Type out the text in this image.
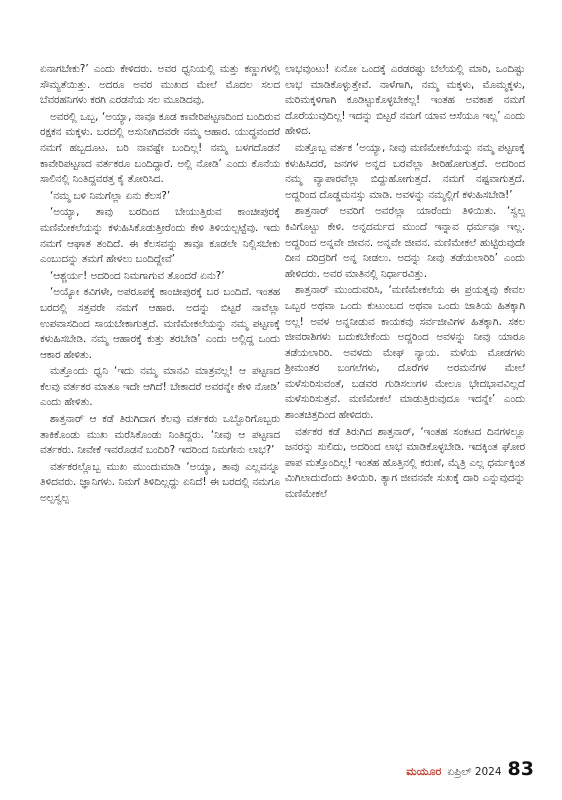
ಏನಾಗಬೇಕು?’ ಎಂದು ಕೇಳಿದರು. ಅವರ ಧ್ವನಿಯಲ್ಲಿ ಮತ್ತು ಕಣ್ಣುಗಳಲ್ಲಿ ಸೌಮ್ಯತೆಯಿತ್ತು. ಅದರೂ ಅವರ ಮುಖದ ಮೇಲೆ ಮೊದಲ ಸಲದ ಬೆವರಹನಿಗಳು ಕರಗಿ ಎರಡನೆಯ ಸಲ ಮೂಡಿದವು.

ಅವರಲ್ಲಿ ಒಬ್ಬ, ‘ಅಯ್ಯಾ, ನಾವೂ ಕೂಡ ಕಾವೇರಿಪಟ್ಟಣದಿಂದ ಬಂದಿರುವ ರಕ್ಷಕನ ಮಕ್ಕಳು. ಬರದಲ್ಲಿ ಅಸುನೀಗಿದವರೇ ನಮ್ಮ ಆಹಾರ. ಯುದ್ಧವಂದರೆ ನಮಗೆ ಹಬ್ಬದೂಟ. ಬರಿ ನಾವಷ್ಟೇ ಬಂದಿಲ್ಲ! ನಮ್ಮ ಬಳಗದೊಡನೆ ಕಾವೇರಿಪಟ್ಟಣದ ವರ್ತಕರೂ ಬಂದಿದ್ದಾರೆ. ಅಲ್ಲಿ ನೋಡಿ’ ಎಂದು ಕೊನೆಯ ಸಾಲಿನಲ್ಲಿ ನಿಂತಿದ್ದವರತ್ತ ಕೈ ತೋರಿಸಿದ.

‘ನಮ್ಮ ಬಳಿ ನಿಮಗೆಲ್ಲಾ ಏನು ಕೆಲಸ?’

‘ಅಯ್ಯಾ, ತಾವು ಬರದಿಂದ ಬೇಯುತ್ತಿರುವ ಕಾಂಚೀಪುರಕ್ಕೆ ಮಣಿಮೇಕಲೆಯನ್ನು ಕಳುಹಿಸಿಕೊಡುತ್ತೀರೆಂದು ಕೇಳಿ ತಿಳಿಯಲ್ಪಟ್ಟೆವು. ಇದು ನಮಗೆ ಆಘಾತ ತಂದಿದೆ. ಈ ಕೆಲಸವನ್ನು ತಾವೂ ಕೂಡಲೇ ನಿಲ್ಲಿಸಬೇಕು ಎಂಬುದನ್ನು ತಮಗೆ ಹೇಳಲು ಬಂದಿದ್ದೇವೆ’

‘ಆಶ್ಚರ್ಯ! ಅದರಿಂದ ನಿಮಗಾಗುವ ತೊಂದರೆ ಏನು?’

‘ಅಯ್ಯೋ ಕವಿಗಳೇ, ಅಪರೂಪಕ್ಕೆ ಕಾಂಚೀಪುರಕ್ಕೆ ಬರ ಬಂದಿದೆ. ಇಂತಹ ಬರದಲ್ಲಿ ಸತ್ತವರೇ ನಮಗೆ ಆಹಾರ. ಅದನ್ನು ಬಿಟ್ಟರೆ ನಾವೆಲ್ಲಾ ಉಪವಾಸದಿಂದ ಸಾಯಬೇಕಾಗುತ್ತದೆ. ಮಣಿಮೇಕಲೆಯನ್ನು ನಮ್ಮ ಪಟ್ಟಣಕ್ಕೆ ಕಳುಹಿಸಬೇಡಿ. ನಮ್ಮ ಆಹಾರಕ್ಕೆ ಕುತ್ತು ತರಬೇಡಿ’ ಎಂದು ಅಲ್ಲಿದ್ದ ಒಂದು ಆಕಾರ ಹೇಳಿತು.

ಮತ್ತೊಂದು ಧ್ವನಿ ‘ಇದು ನಮ್ಮ ಮಾನವಿ ಮಾತ್ರವಲ್ಲ! ಆ ಪಟ್ಟಣದ ಕೆಲವು ವರ್ತಕರ ಮಾತೂ ಇದೇ ಆಗಿದೆ! ಬೇಕಾದರೆ ಅವರನ್ನೇ ಕೇಳಿ ನೋಡಿ’ ಎಂದು ಹೇಳಿತು.

ಶಾತ್ತನಾರ್ ಆ ಕಡೆ ತಿರುಗಿದಾಗ ಕೆಲವು ವರ್ತಕರು ಒಬ್ಬೊರಿಗೊಬ್ಬರು ತಾಕಿಕೊಂಡು ಮುಖ ಮರೆಸಿಕೊಂಡು ನಿಂತಿದ್ದರು. ‘ನೀವು ಆ ಪಟ್ಟಣದ ವರ್ತಕರು. ನೀವೇಕೆ ಇವರೊಡನೆ ಬಂದಿರಿ? ಇದರಿಂದ ನಿಮಗೇನು ಲಾಭ?’

ವರ್ತಕರಲ್ಲೊಬ್ಬ ಮುಖ ಮುಂದುಮಾಡಿ ‘ಅಯ್ಯಾ, ತಾವು ಎಲ್ಲವನ್ನೂ ತಿಳಿದವರು. ಜ್ಞಾನಿಗಳು. ನಿಮಗೆ ತಿಳಿದಿಲ್ಲದ್ದು ಏನಿದೆ! ಈ ಬರದಲ್ಲಿ ನಮಗೂ ಅಲ್ಪಸ್ವಲ್ಪ

ಲಾಭವುಂಟು! ಏನೋ ಒಂದಕ್ಕೆ ಎರಡರಷ್ಟು ಬೆಲೆಯಲ್ಲಿ ಮಾರಿ, ಒಂದಿಷ್ಟು ಲಾಭ ಮಾಡಿಕೊಳ್ಳುತ್ತೇವೆ. ನಾಳೆಗಾಗಿ, ನಮ್ಮ ಮಕ್ಕಳು, ಮೊಮ್ಮಕ್ಕಳು, ಮರಿಮಕ್ಕಳಿಗಾಗಿ ಕೂಡಿಟ್ಟುಕೊಳ್ಳಬೇಕಲ್ಲ! ಇಂತಹ ಅವಕಾಶ ನಮಗೆ ದೊರೆಯುವುದಿಲ್ಲ! ಇದನ್ನು ಬಿಟ್ಟರೆ ನಮಗೆ ಯಾವ ಆಸೆಯೂ ಇಲ್ಲ’ ಎಂದು ಹೇಳಿದ.

ಮತ್ತೊಬ್ಬ ವರ್ತಕ ‘ಅಯ್ಯಾ, ನೀವು ಮಣಿಮೇಕಲೆಯನ್ನು ನಮ್ಮ ಪಟ್ಟಣಕ್ಕೆ ಕಳುಹಿಸಿದರೆ, ಜನಗಳ ಅನ್ನದ ಬರವೆಲ್ಲಾ ತೀರಿಹೋಗುತ್ತದೆ. ಅದರಿಂದ ನಮ್ಮ ವ್ಯಾಪಾರವೆಲ್ಲಾ ಬಿದ್ದುಹೋಗುತ್ತದೆ. ನಮಗೆ ನಷ್ಟವಾಗುತ್ತದೆ. ಅದ್ದರಿಂದ ದೊಡ್ಡಮನಸ್ಸು ಮಾಡಿ. ಅವಳನ್ನು ನಮ್ಮಲ್ಲಿಗೆ ಕಳುಹಿಸಬೇಡಿ!’

ಶಾತ್ತನಾರ್ ಅವರಿಗೆ ಅವರೆಲ್ಲಾ ಯಾರೆಂದು ತಿಳಿಯಿತು. ‘ಸ್ವಲ್ಪ ಕಿವಿಗೊಟ್ಟು ಕೇಳಿ. ಅನ್ನದರ್ಮದ ಮುಂದೆ ಇನ್ನಾವ ಧರ್ಮವೂ ಇಲ್ಲ. ಅದ್ದರಿಂದ ಅನ್ನವೇ ಜೀವನ. ಅನ್ನವೇ ಜೀವನ. ಮಣಿಮೇಕಲೆ ಹುಟ್ಟಿರುವುದೇ ದೀನ ದರಿದ್ರರಿಗೆ ಅನ್ನ ನೀಡಲು. ಅದನ್ನು ನೀವು ತಡೆಯಲಾರಿರಿ’ ಎಂದು ಹೇಳಿದರು. ಅವರ ಮಾತಿನಲ್ಲಿ ನಿರ್ಧಾರವಿತ್ತು.

ಶಾತ್ತನಾರ್ ಮುಂದುವರಿಸಿ, ‘ಮಣಿಮೇಕಲೆಯ ಈ ಪ್ರಯತ್ನವು ಕೇವಲ ಒಬ್ಬರ ಅಥವಾ ಒಂದು ಕುಟುಂಬದ ಅಥವಾ ಒಂದು ಜಾತಿಯ ಹಿತಕ್ಕಾಗಿ ಅಲ್ಲ! ಅವಳ ಅನ್ನನೀಡುವ ಕಾಯಕವು ಸರ್ವಜೀವಿಗಳ ಹಿತಕ್ಕಾಗಿ. ಸಕಲ ಜೀವರಾಶಿಗಳು ಬದುಕಬೇಕೆಂದು ಅದ್ದರಿಂದ ಅವಳನ್ನು ನೀವು ಯಾರೂ ತಡೆಯಲಾರಿರಿ. ಅವಳದು ಮೇಘ ನ್ಯಾಯ. ಮಳೆಯ ಮೋಡಗಳು ಶ್ರೀಮಂತರ ಬಂಗಲೆಗಳು, ದೊರೆಗಳ ಅರಮನೆಗಳ ಮೇಲೆ ಮಳೆಸುರಿಸುವಂತೆ, ಬಡವರ ಗುಡಿಸಲುಗಳ ಮೇಲೂ ಭೇದಭಾವವಿಲ್ಲದೆ ಮಳೆಸುರಿಸುತ್ತವೆ. ಮಣಿಮೇಕಲೆ ಮಾಡುತ್ತಿರುವುದೂ ಇದನ್ನೇ’ ಎಂದು ಶಾಂತಚಿತ್ತದಿಂದ ಹೇಳಿದರು.

ವರ್ತಕರ ಕಡೆ ತಿರುಗಿದ ಶಾತ್ತನಾರ್, ‘ಇಂತಹ ಸಂಕಟದ ದಿನಗಳಲ್ಲೂ ಜನರನ್ನು ಸುಲಿದು, ಅದರಿಂದ ಲಾಭ ಮಾಡಿಕೊಳ್ಳಬೇಡಿ. ಇದಕ್ಕಿಂತ ಘೋರ ಪಾಪ ಮತ್ತೊಂದಿಲ್ಲ! ಇಂತಹ ಹೊತ್ತಿನಲ್ಲಿ ಕರುಣೆ, ಮೈತ್ರಿ ಎಲ್ಲ ಧರ್ಮಕ್ಕಿಂತ ಮಿಗಿಲಾದುದೆಂದು ತಿಳಿಯಿರಿ. ತ್ಯಾಗ ಜೀವನವೇ ಸುಖಕ್ಕೆ ದಾರಿ ಎನ್ನುವುದನ್ನು ಮಣಿಮೇಕಲೆ

ಮಯೂರ ಏಪ್ರಿಲ್ 2024 83
